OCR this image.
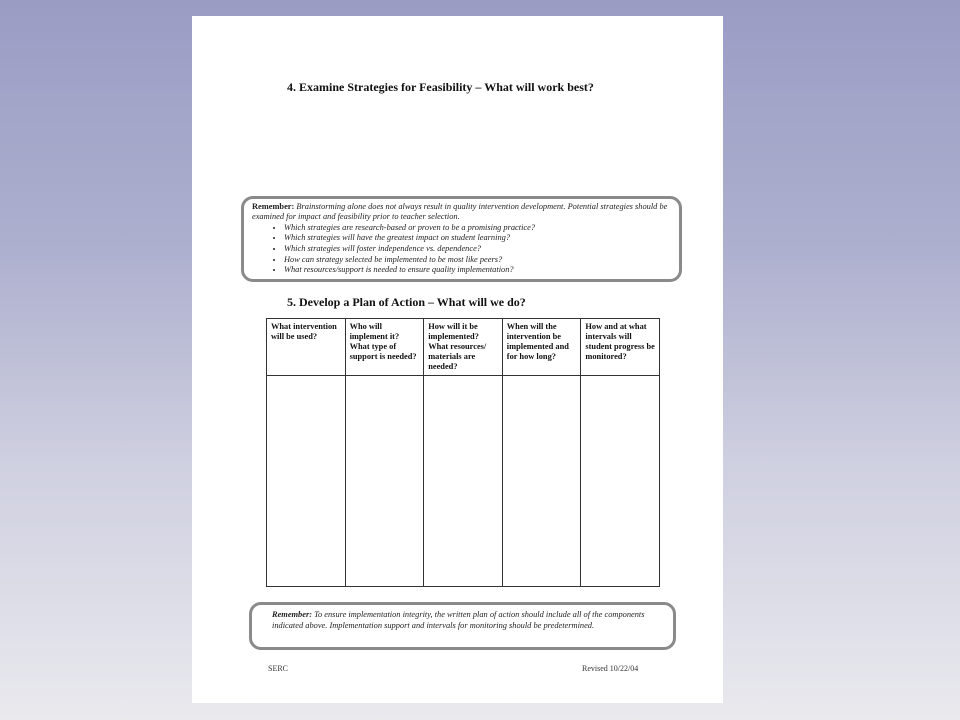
4. Examine Strategies for Feasibility – What will work best?

Remember: Brainstorming alone does not always result in quality intervention development. Potential strategies should be examined for impact and feasibility prior to teacher selection.

• Which strategies are research-based or proven to be a promising practice?
• Which strategies will have the greatest impact on student learning?
• Which strategies will foster independence vs. dependence?
• How can strategy selected be implemented to be most like peers?
• What resources/support is needed to ensure quality implementation?
5. Develop a Plan of Action – What will we do?
What intervention will be used?	Who will implement it? What type of support is needed?	How will it be implemented? What resources/ materials are needed?	When will the intervention be implemented and for how long?	How and at what intervals will student progress be monitored?

Remember: To ensure implementation integrity, the written plan of action should include all of the components indicated above. Implementation support and intervals for monitoring should be predetermined.

SERC	Revised 10/22/04
